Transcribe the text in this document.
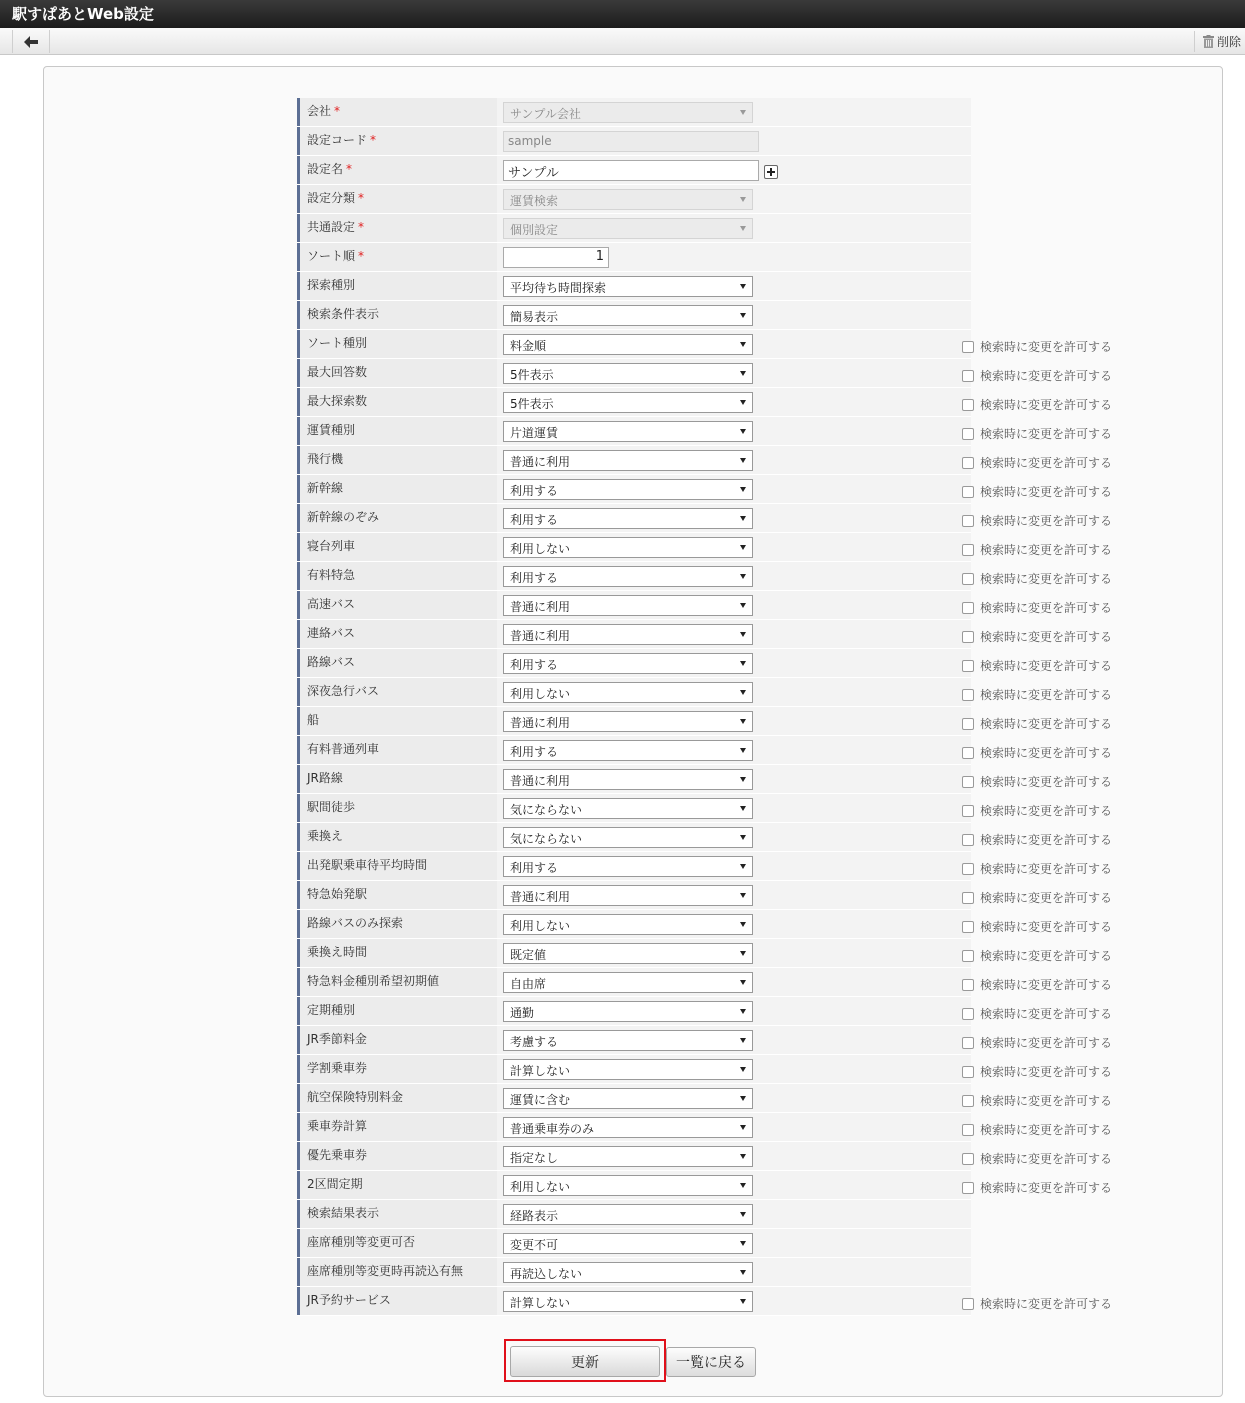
駅すぱあとWeb設定
削除
会社 *	サンプル会社
設定コード *	sample
設定名 *	サンプル
設定分類 *	運賃検索
共通設定 *	個別設定
ソート順 *	1
探索種別	平均待ち時間探索
検索条件表示	簡易表示
ソート種別	料金順	検索時に変更を許可する
最大回答数	5件表示	検索時に変更を許可する
最大探索数	5件表示	検索時に変更を許可する
運賃種別	片道運賃	検索時に変更を許可する
飛行機	普通に利用	検索時に変更を許可する
新幹線	利用する	検索時に変更を許可する
新幹線のぞみ	利用する	検索時に変更を許可する
寝台列車	利用しない	検索時に変更を許可する
有料特急	利用する	検索時に変更を許可する
高速バス	普通に利用	検索時に変更を許可する
連絡バス	普通に利用	検索時に変更を許可する
路線バス	利用する	検索時に変更を許可する
深夜急行バス	利用しない	検索時に変更を許可する
船	普通に利用	検索時に変更を許可する
有料普通列車	利用する	検索時に変更を許可する
JR路線	普通に利用	検索時に変更を許可する
駅間徒歩	気にならない	検索時に変更を許可する
乗換え	気にならない	検索時に変更を許可する
出発駅乗車待平均時間	利用する	検索時に変更を許可する
特急始発駅	普通に利用	検索時に変更を許可する
路線バスのみ探索	利用しない	検索時に変更を許可する
乗換え時間	既定値	検索時に変更を許可する
特急料金種別希望初期値	自由席	検索時に変更を許可する
定期種別	通勤	検索時に変更を許可する
JR季節料金	考慮する	検索時に変更を許可する
学割乗車券	計算しない	検索時に変更を許可する
航空保険特別料金	運賃に含む	検索時に変更を許可する
乗車券計算	普通乗車券のみ	検索時に変更を許可する
優先乗車券	指定なし	検索時に変更を許可する
2区間定期	利用しない	検索時に変更を許可する
検索結果表示	経路表示
座席種別等変更可否	変更不可
座席種別等変更時再読込有無	再読込しない
JR予約サービス	計算しない	検索時に変更を許可する
更新	一覧に戻る
